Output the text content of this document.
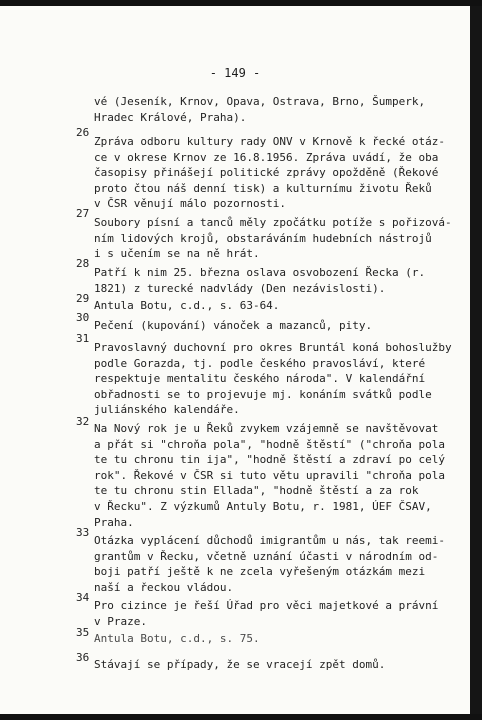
- 149 -
vé (Jeseník, Krnov, Opava, Ostrava, Brno, Šumperk,
Hradec Králové, Praha).
26
Zpráva odboru kultury rady ONV v Krnově k řecké otáz-
ce v okrese Krnov ze 16.8.1956. Zpráva uvádí, že oba
časopisy přinášejí politické zprávy opožděně (Řekové
proto čtou náš denní tisk) a kulturnímu životu Řeků
v ČSR věnují málo pozornosti.
27
Soubory písní a tanců měly zpočátku potíže s pořizová-
ním lidových krojů, obstaráváním hudebních nástrojů
i s učením se na ně hrát.
28
Patří k nim 25. března oslava osvobození Řecka (r.
1821) z turecké nadvlády (Den nezávislosti).
29
Antula Botu, c.d., s. 63-64.
30
Pečení (kupování) vánoček a mazanců, pity.
31
Pravoslavný duchovní pro okres Bruntál koná bohoslužby
podle Gorazda, tj. podle českého pravosláví, které
respektuje mentalitu českého národa". V kalendářní
obřadnosti se to projevuje mj. konáním svátků podle
juliánského kalendáře.
32
Na Nový rok je u Řeků zvykem vzájemně se navštěvovat
a přát si "chroňa pola", "hodně štěstí" ("chroňa pola
te tu chronu tin ija", "hodně štěstí a zdraví po celý
rok". Řekové v ČSR si tuto větu upravili "chroňa pola
te tu chronu stin Ellada", "hodně štěstí a za rok
v Řecku". Z výzkumů Antuly Botu, r. 1981, ÚEF ČSAV,
Praha.
33
Otázka vyplácení důchodů imigrantům u nás, tak reemi-
grantům v Řecku, včetně uznání účasti v národním od-
boji patří ještě k ne zcela vyřešeným otázkám mezi
naší a řeckou vládou.
34
Pro cizince je řeší Úřad pro věci majetkové a právní
v Praze.
35 Antula Botu, c.d., s. 75.
36
Stávají se případy, že se vracejí zpět domů.
